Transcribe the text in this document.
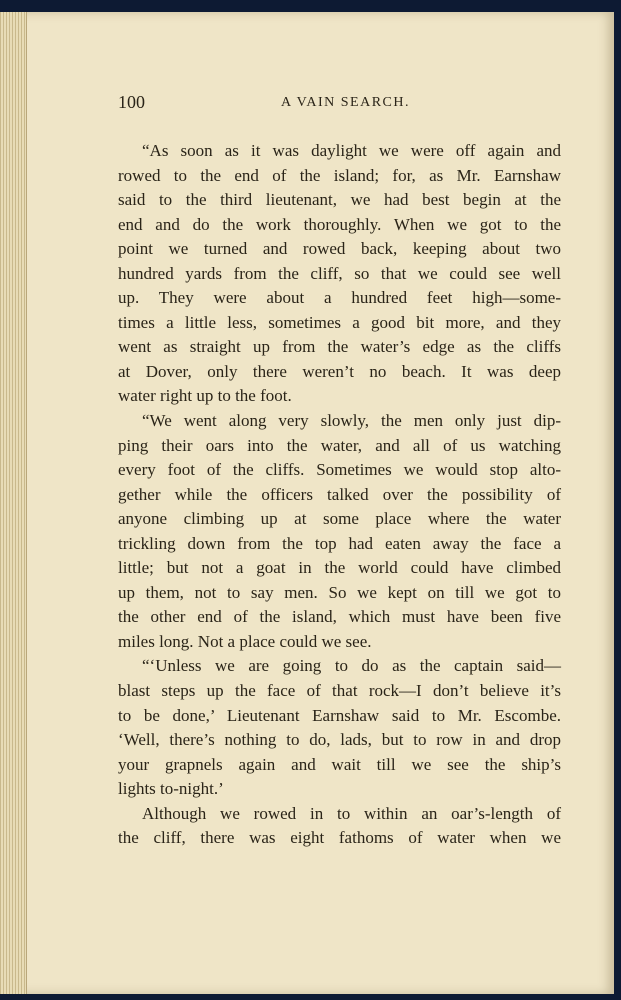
100	A VAIN SEARCH.
“As soon as it was daylight we were off again and
rowed to the end of the island; for, as Mr. Earnshaw
said to the third lieutenant, we had best begin at the
end and do the work thoroughly. When we got to the
point we turned and rowed back, keeping about two
hundred yards from the cliff, so that we could see well
up. They were about a hundred feet high—some-
times a little less, sometimes a good bit more, and they
went as straight up from the water’s edge as the cliffs
at Dover, only there weren’t no beach. It was deep
water right up to the foot.
“We went along very slowly, the men only just dip-
ping their oars into the water, and all of us watching
every foot of the cliffs. Sometimes we would stop alto-
gether while the officers talked over the possibility of
anyone climbing up at some place where the water
trickling down from the top had eaten away the face a
little; but not a goat in the world could have climbed
up them, not to say men. So we kept on till we got to
the other end of the island, which must have been five
miles long. Not a place could we see.
“‘Unless we are going to do as the captain said—
blast steps up the face of that rock—I don’t believe it’s
to be done,’ Lieutenant Earnshaw said to Mr. Escombe.
‘Well, there’s nothing to do, lads, but to row in and drop
your grapnels again and wait till we see the ship’s
lights to-night.’
Although we rowed in to within an oar’s-length of
the cliff, there was eight fathoms of water when we
